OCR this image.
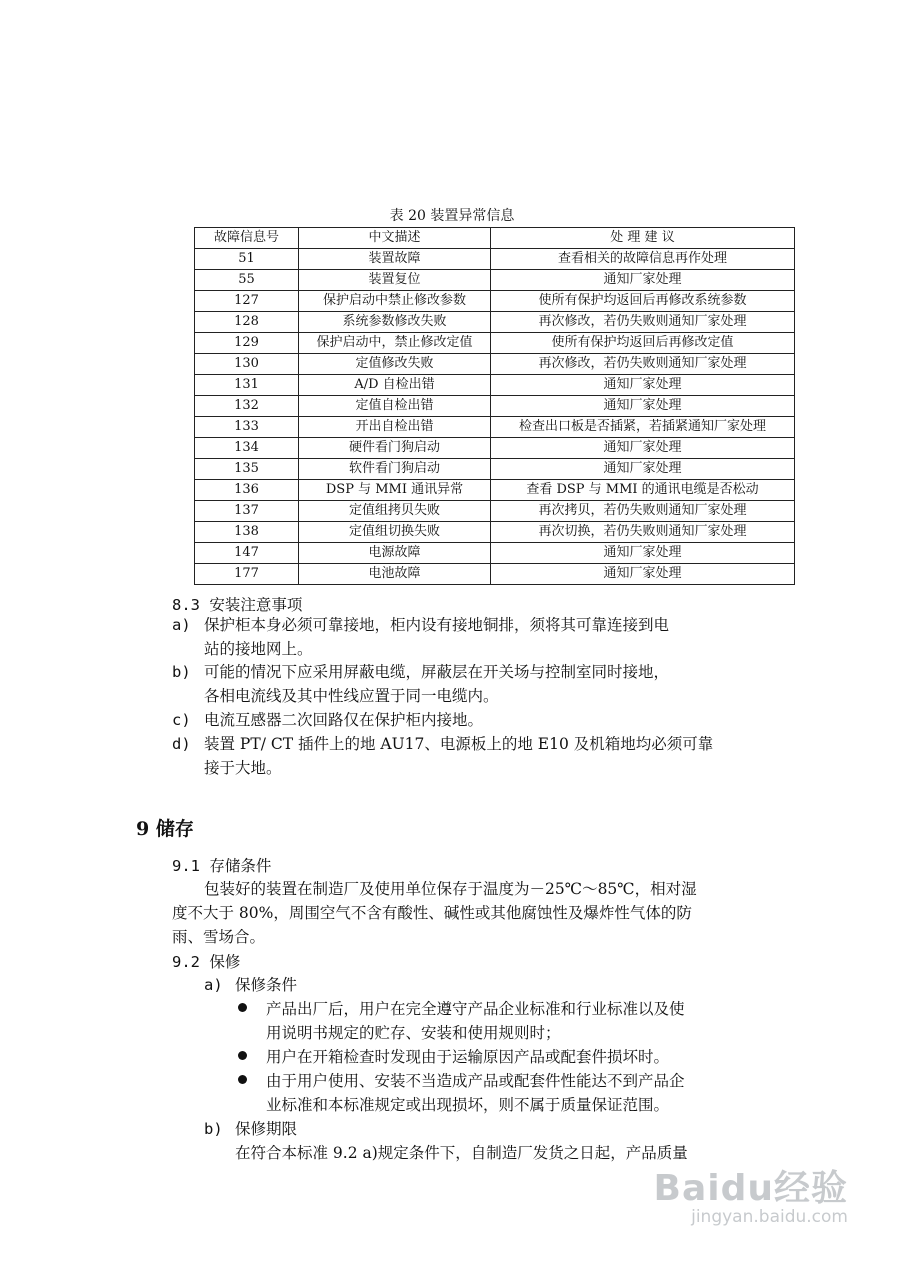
表 20 装置异常信息
故障信息号	中文描述	处 理 建 议
51	装置故障	查看相关的故障信息再作处理
55	装置复位	通知厂家处理
127	保护启动中禁止修改参数	使所有保护均返回后再修改系统参数
128	系统参数修改失败	再次修改，若仍失败则通知厂家处理
129	保护启动中，禁止修改定值	使所有保护均返回后再修改定值
130	定值修改失败	再次修改，若仍失败则通知厂家处理
131	A/D 自检出错	通知厂家处理
132	定值自检出错	通知厂家处理
133	开出自检出错	检查出口板是否插紧，若插紧通知厂家处理
134	硬件看门狗启动	通知厂家处理
135	软件看门狗启动	通知厂家处理
136	DSP 与 MMI 通讯异常	查看 DSP 与 MMI 的通讯电缆是否松动
137	定值组拷贝失败	再次拷贝，若仍失败则通知厂家处理
138	定值组切换失败	再次切换，若仍失败则通知厂家处理
147	电源故障	通知厂家处理
177	电池故障	通知厂家处理
8.3 安装注意事项
a) 保护柜本身必须可靠接地，柜内设有接地铜排，须将其可靠连接到电
站的接地网上。
b) 可能的情况下应采用屏蔽电缆，屏蔽层在开关场与控制室同时接地，
各相电流线及其中性线应置于同一电缆内。
c) 电流互感器二次回路仅在保护柜内接地。
d) 装置 PT/ CT 插件上的地 AU17、电源板上的地 E10 及机箱地均必须可靠
接于大地。
9 储存
9.1 存储条件
包装好的装置在制造厂及使用单位保存于温度为－25℃～85℃，相对湿
度不大于 80%，周围空气不含有酸性、碱性或其他腐蚀性及爆炸性气体的防
雨、雪场合。
9.2 保修
a) 保修条件
产品出厂后，用户在完全遵守产品企业标准和行业标准以及使
用说明书规定的贮存、安装和使用规则时；
用户在开箱检查时发现由于运输原因产品或配套件损坏时。
由于用户使用、安装不当造成产品或配套件性能达不到产品企
业标准和本标准规定或出现损坏，则不属于质量保证范围。
b) 保修期限
在符合本标准 9.2 a)规定条件下，自制造厂发货之日起，产品质量
Baidu经验
jingyan.baidu.com
